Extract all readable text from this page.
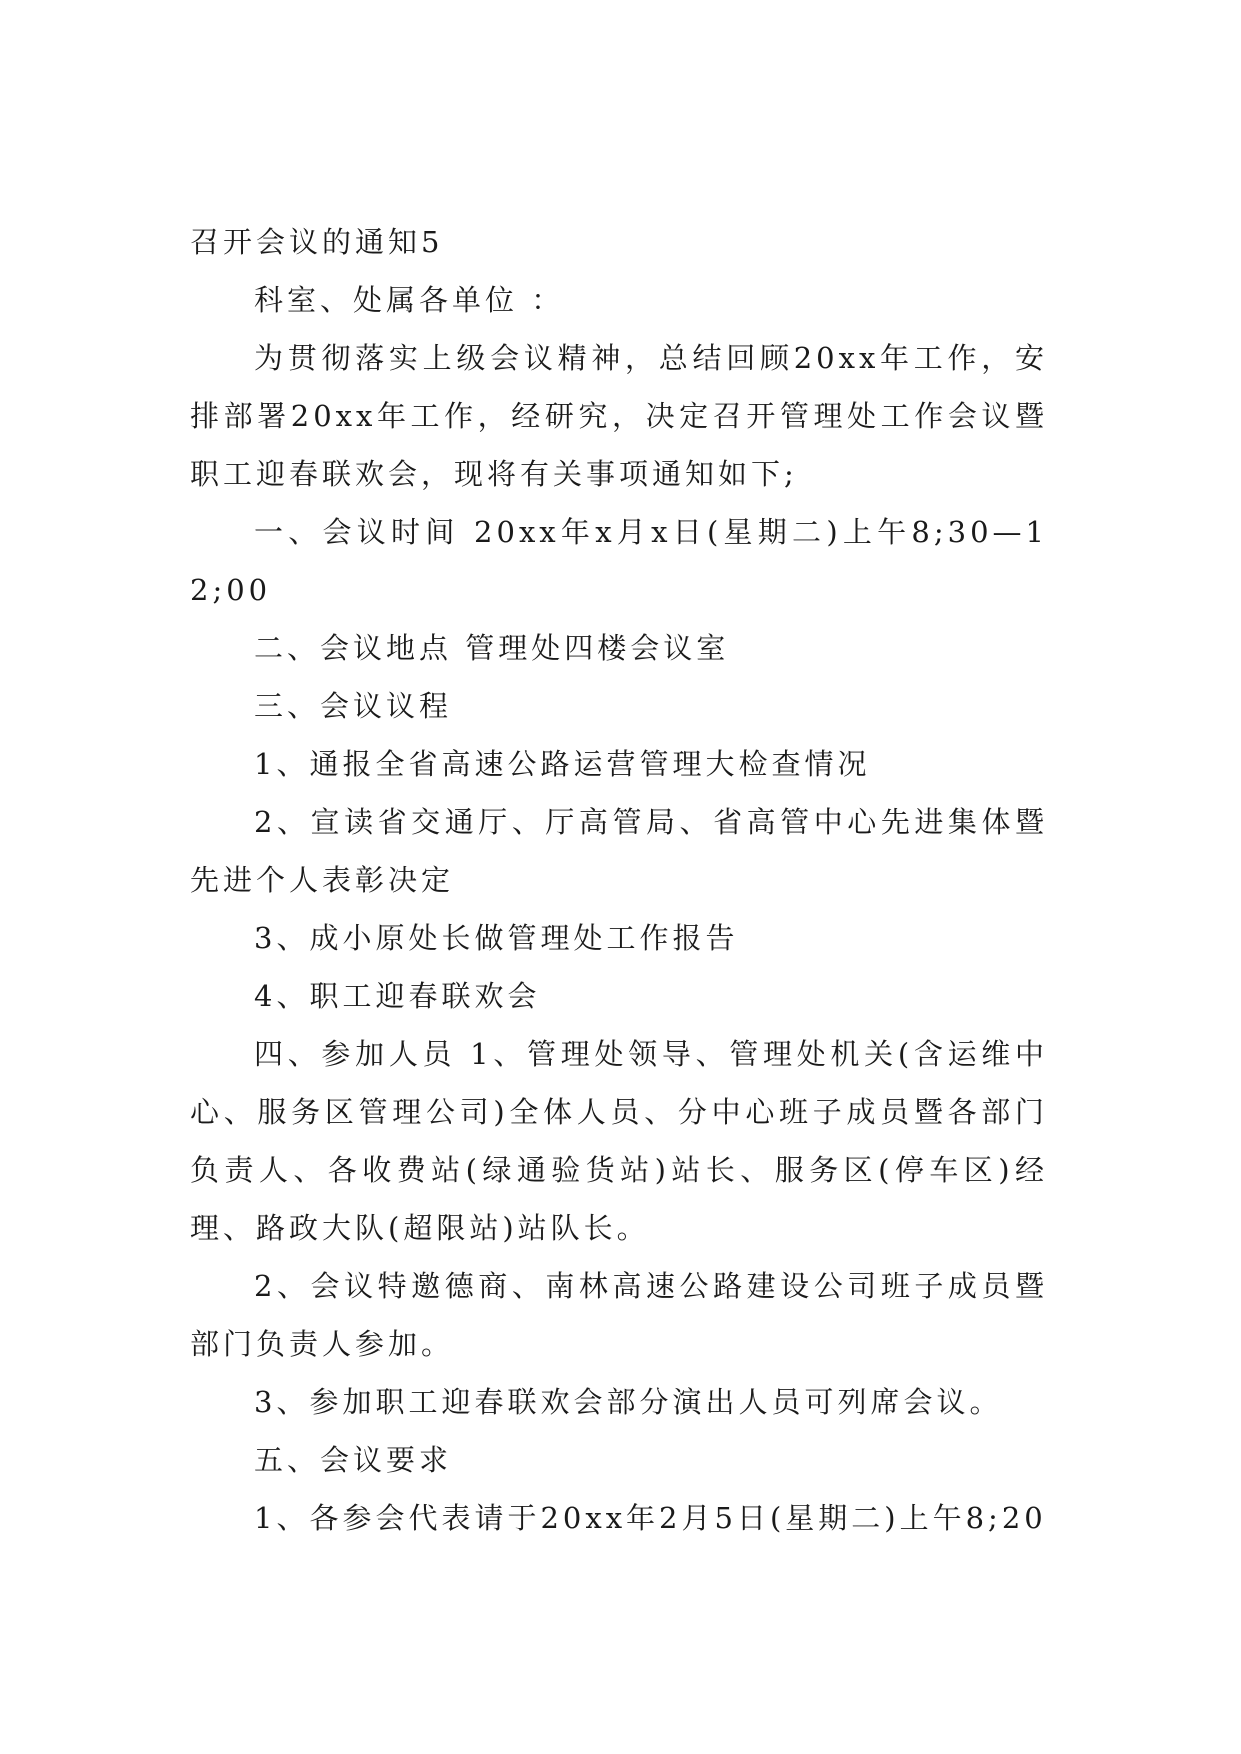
召开会议的通知5

科室、处属各单位 ：

为贯彻落实上级会议精神，总结回顾20xx年工作，安排部署20xx年工作，经研究，决定召开管理处工作会议暨职工迎春联欢会，现将有关事项通知如下;

一、会议时间 20xx年x月x日(星期二)上午8;30—12;00

二、会议地点 管理处四楼会议室

三、会议议程

1、通报全省高速公路运营管理大检查情况

2、宣读省交通厅、厅高管局、省高管中心先进集体暨先进个人表彰决定

3、成小原处长做管理处工作报告

4、职工迎春联欢会

四、参加人员 1、管理处领导、管理处机关(含运维中心、服务区管理公司)全体人员、分中心班子成员暨各部门负责人、各收费站(绿通验货站)站长、服务区(停车区)经理、路政大队(超限站)站队长。

2、会议特邀德商、南林高速公路建设公司班子成员暨部门负责人参加。

3、参加职工迎春联欢会部分演出人员可列席会议。

五、会议要求

1、各参会代表请于20xx年2月5日(星期二)上午8;20
